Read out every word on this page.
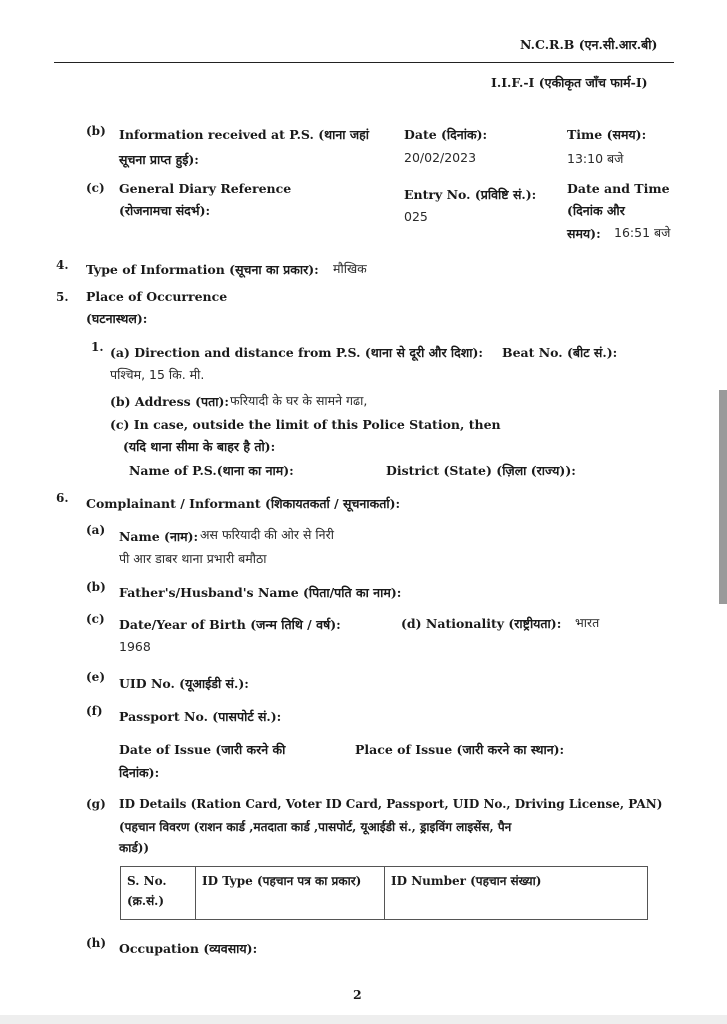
N.C.R.B (एन.सी.आर.बी)
I.I.F.-I (एकीकृत जाँच फार्म-I)
(b) Information received at P.S. (थाना जहां
सूचना प्राप्त हुई):
Date (दिनांक):
20/02/2023
Time (समय):
13:10 बजे
(c) General Diary Reference
(रोजनामचा संदर्भ):
Entry No. (प्रविष्टि सं.):
025
Date and Time
(दिनांक और
समय): 16:51 बजे
4. Type of Information (सूचना का प्रकार): मौखिक
5. Place of Occurrence
(घटनास्थल):
1. (a) Direction and distance from P.S. (थाना से दूरी और दिशा): Beat No. (बीट सं.):
पश्चिम, 15 कि. मी.
(b) Address (पता): फरियादी के घर के सामने गढा,
(c) In case, outside the limit of this Police Station, then
(यदि थाना सीमा के बाहर है तो):
Name of P.S.(थाना का नाम):	District (State) (ज़िला (राज्य)):
6. Complainant / Informant (शिकायतकर्ता / सूचनाकर्ता):
(a) Name (नाम): अस फरियादी की ओर से निरी
पी आर डाबर थाना प्रभारी बमौठा
(b) Father's/Husband's Name (पिता/पति का नाम):
(c) Date/Year of Birth (जन्म तिथि / वर्ष):
1968
(d) Nationality (राष्ट्रीयता): भारत
(e) UID No. (यूआईडी सं.):
(f) Passport No. (पासपोर्ट सं.):
Date of Issue (जारी करने की
दिनांक):
Place of Issue (जारी करने का स्थान):
(g) ID Details (Ration Card, Voter ID Card, Passport, UID No., Driving License, PAN)
(पहचान विवरण (राशन कार्ड ,मतदाता कार्ड ,पासपोर्ट, यूआईडी सं., ड्राइविंग लाइसेंस, पैन
कार्ड))
S. No. (क्र.सं.)	ID Type (पहचान पत्र का प्रकार)	ID Number (पहचान संख्या)
(h) Occupation (व्यवसाय):
2
